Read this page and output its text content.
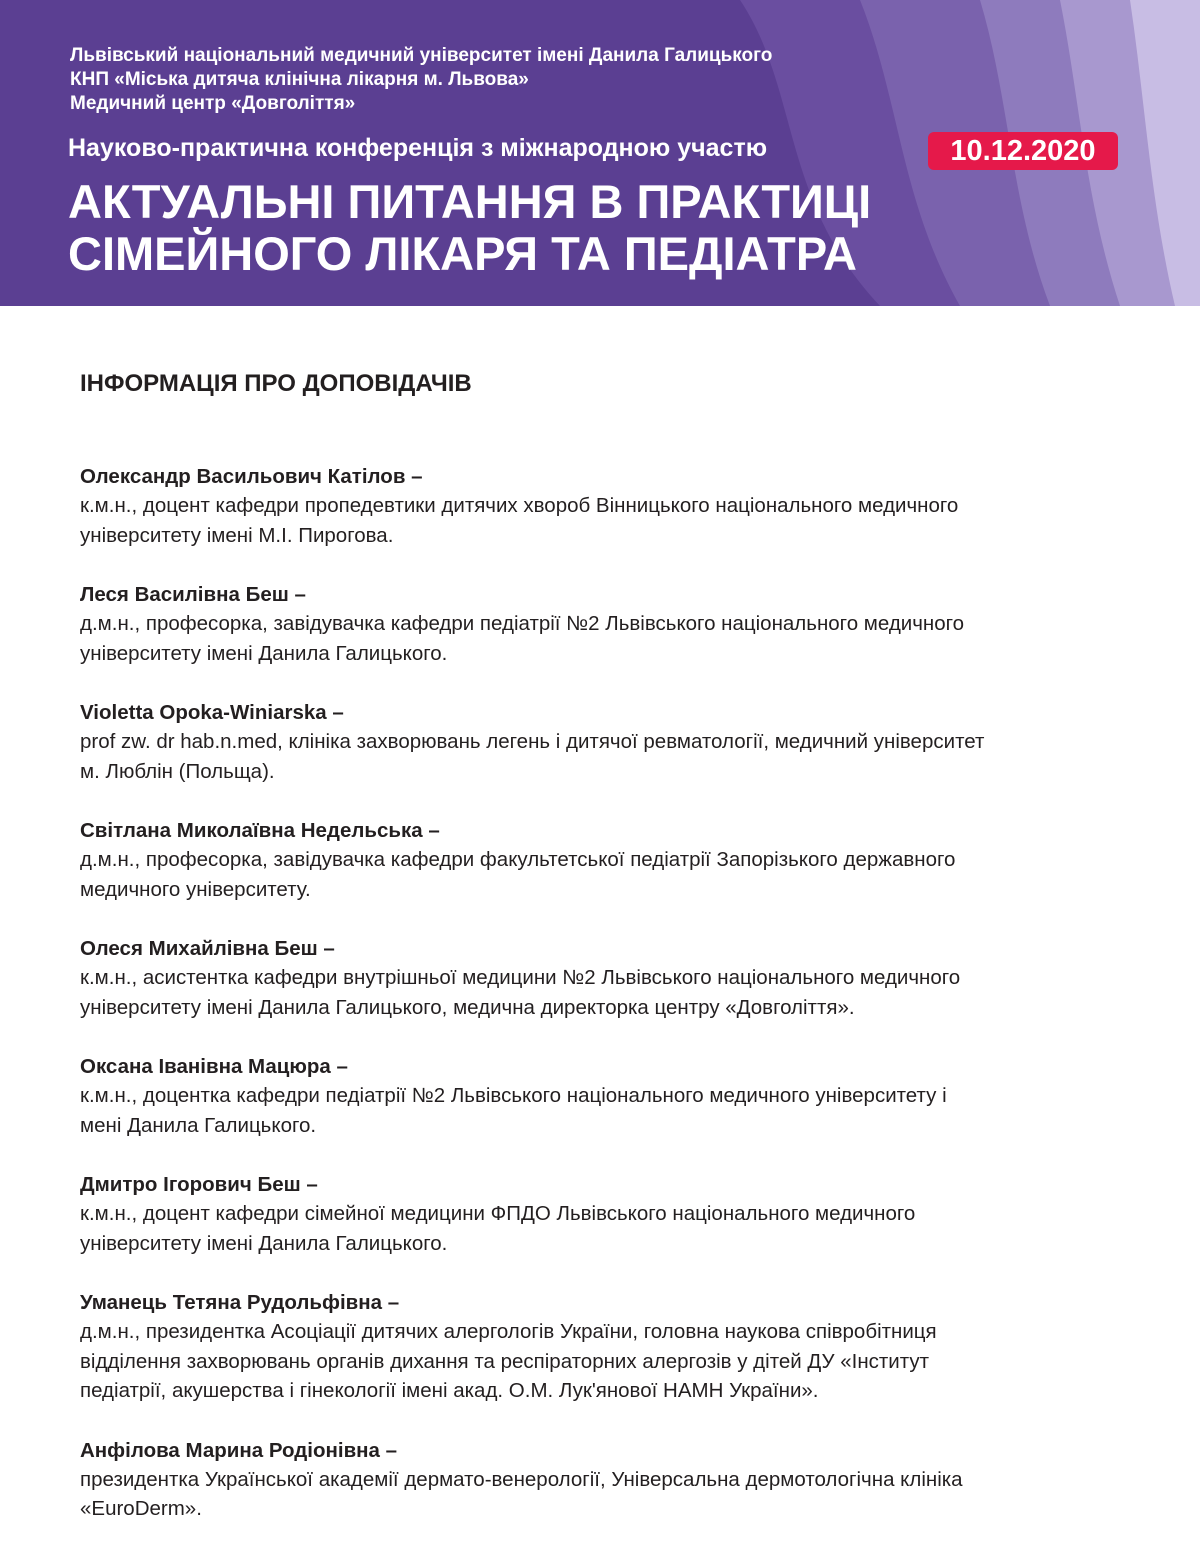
Львівський національний медичний університет імені Данила Галицького
КНП «Міська дитяча клінічна лікарня м. Львова»
Медичний центр «Довголіття»
Науково-практична конференція з міжнародною участю	10.12.2020
АКТУАЛЬНІ ПИТАННЯ В ПРАКТИЦІ
СІМЕЙНОГО ЛІКАРЯ ТА ПЕДІАТРА
ІНФОРМАЦІЯ ПРО ДОПОВІДАЧІВ
Олександр Васильович Катілов –
к.м.н., доцент кафедри пропедевтики дитячих хвороб Вінницького національного медичного
університету імені М.І. Пирогова.
Леся Василівна Беш –
д.м.н., професорка, завідувачка кафедри педіатрії №2 Львівського національного медичного
університету імені Данила Галицького.
Violetta Opoka-Winiarska –
prof zw. dr hab.n.med, клініка захворювань легень і дитячої ревматології, медичний університет
м. Люблін (Польща).
Світлана Миколаївна Недельська –
д.м.н., професорка, завідувачка кафедри факультетської педіатрії Запорізького державного
медичного університету.
Олеся Михайлівна Беш –
к.м.н., асистентка кафедри внутрішньої медицини №2 Львівського національного медичного
університету імені Данила Галицького, медична директорка центру «Довголіття».
Оксана Іванівна Мацюра –
к.м.н., доцентка кафедри педіатрії №2 Львівського національного медичного університету і
мені Данила Галицького.
Дмитро Ігорович Беш –
к.м.н., доцент кафедри сімейної медицини ФПДО Львівського національного медичного
університету імені Данила Галицького.
Уманець Тетяна Рудольфівна –
д.м.н., президентка Асоціації дитячих алергологів України, головна наукова співробітниця
відділення захворювань органів дихання та респіраторних алергозів у дітей ДУ «Інститут
педіатрії, акушерства і гінекології імені акад. О.М. Лук'янової НАМН України».
Анфілова Марина Родіонівна –
президентка Української академії дермато-венерології, Універсальна дермотологічна клініка
«EuroDerm».
